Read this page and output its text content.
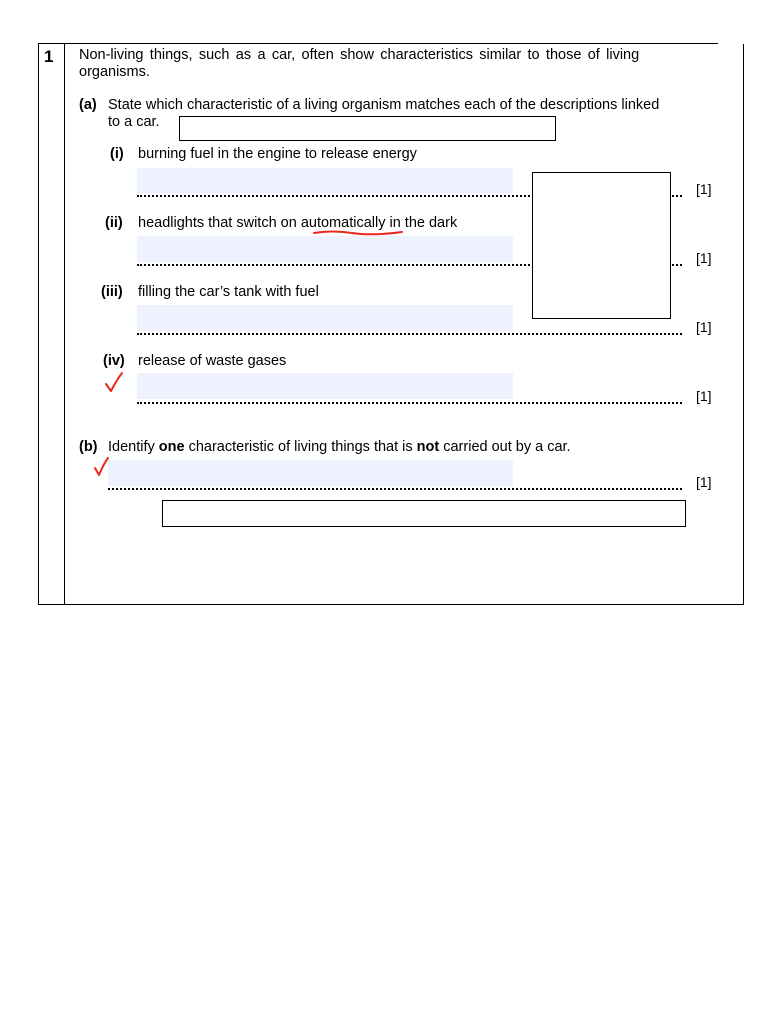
1 Non-living things, such as a car, often show characteristics similar to those of living
organisms.
(a) State which characteristic of a living organism matches each of the descriptions linked
to a car.
(i) burning fuel in the engine to release energy
[1]
(ii) headlights that switch on automatically in the dark
[1]
(iii) filling the car’s tank with fuel
[1]
(iv) release of waste gases
[1]
(b) Identify one characteristic of living things that is not carried out by a car.
[1]
